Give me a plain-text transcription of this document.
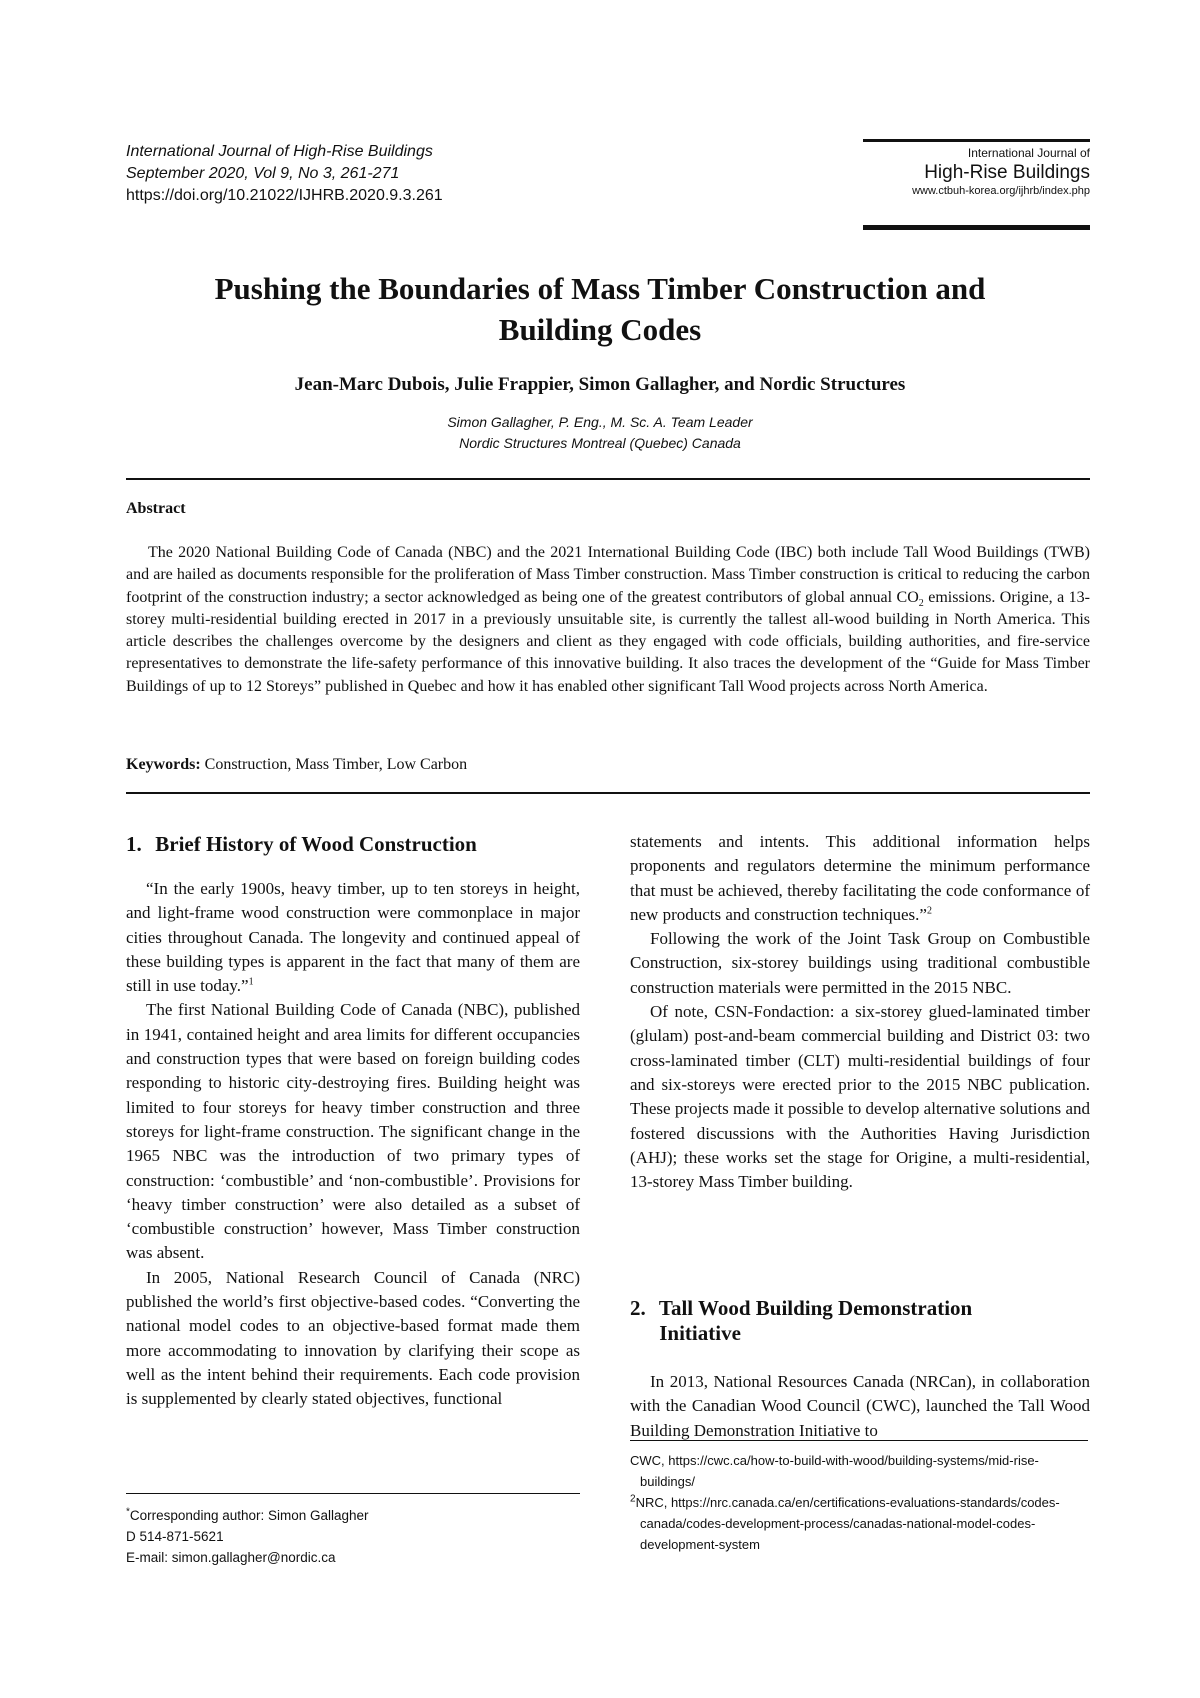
International Journal of High-Rise Buildings
September 2020, Vol 9, No 3, 261-271
https://doi.org/10.21022/IJHRB.2020.9.3.261
International Journal of
High-Rise Buildings
www.ctbuh-korea.org/ijhrb/index.php
Pushing the Boundaries of Mass Timber Construction and
Building Codes
Jean-Marc Dubois, Julie Frappier, Simon Gallagher, and Nordic Structures
Simon Gallagher, P. Eng., M. Sc. A. Team Leader
Nordic Structures Montreal (Quebec) Canada
Abstract

The 2020 National Building Code of Canada (NBC) and the 2021 International Building Code (IBC) both include Tall Wood Buildings (TWB) and are hailed as documents responsible for the proliferation of Mass Timber construction. Mass Timber construction is critical to reducing the carbon footprint of the construction industry; a sector acknowledged as being one of the greatest contributors of global annual $CO_2$ emissions. Origine, a 13-storey multi-residential building erected in 2017 in a previously unsuitable site, is currently the tallest all-wood building in North America. This article describes the challenges overcome by the designers and client as they engaged with code officials, building authorities, and fire-service representatives to demonstrate the life-safety performance of this innovative building. It also traces the development of the “Guide for Mass Timber Buildings of up to 12 Storeys” published in Quebec and how it has enabled other significant Tall Wood projects across North America.

Keywords: Construction, Mass Timber, Low Carbon
1. Brief History of Wood Construction

“In the early 1900s, heavy timber, up to ten storeys in height, and light-frame wood construction were commonplace in major cities throughout Canada. The longevity and continued appeal of these building types is apparent in the fact that many of them are still in use today.”$^1$

The first National Building Code of Canada (NBC), published in 1941, contained height and area limits for different occupancies and construction types that were based on foreign building codes responding to historic city-destroying fires. Building height was limited to four storeys for heavy timber construction and three storeys for light-frame construction. The significant change in the 1965 NBC was the introduction of two primary types of construction: ‘combustible’ and ‘non-combustible’. Provisions for ‘heavy timber construction’ were also detailed as a subset of ‘combustible construction’ however, Mass Timber construction was absent.

In 2005, National Research Council of Canada (NRC) published the world’s first objective-based codes. “Converting the national model codes to an objective-based format made them more accommodating to innovation by clarifying their scope as well as the intent behind their requirements. Each code provision is supplemented by clearly stated objectives, functional

*Corresponding author: Simon Gallagher
D 514-871-5621
E-mail: simon.gallagher@nordic.ca

statements and intents. This additional information helps proponents and regulators determine the minimum performance that must be achieved, thereby facilitating the code conformance of new products and construction techniques.”$^2$

Following the work of the Joint Task Group on Combustible Construction, six-storey buildings using traditional combustible construction materials were permitted in the 2015 NBC.

Of note, CSN-Fondaction: a six-storey glued-laminated timber (glulam) post-and-beam commercial building and District 03: two cross-laminated timber (CLT) multi-residential buildings of four and six-storeys were erected prior to the 2015 NBC publication. These projects made it possible to develop alternative solutions and fostered discussions with the Authorities Having Jurisdiction (AHJ); these works set the stage for Origine, a multi-residential, 13-storey Mass Timber building.

2. Tall Wood Building Demonstration
Initiative

In 2013, National Resources Canada (NRCan), in collaboration with the Canadian Wood Council (CWC), launched the Tall Wood Building Demonstration Initiative to

CWC, https://cwc.ca/how-to-build-with-wood/building-systems/mid-rise-buildings/

$^2$NRC, https://nrc.canada.ca/en/certifications-evaluations-standards/codes-canada/codes-development-process/canadas-national-model-codes-development-system
